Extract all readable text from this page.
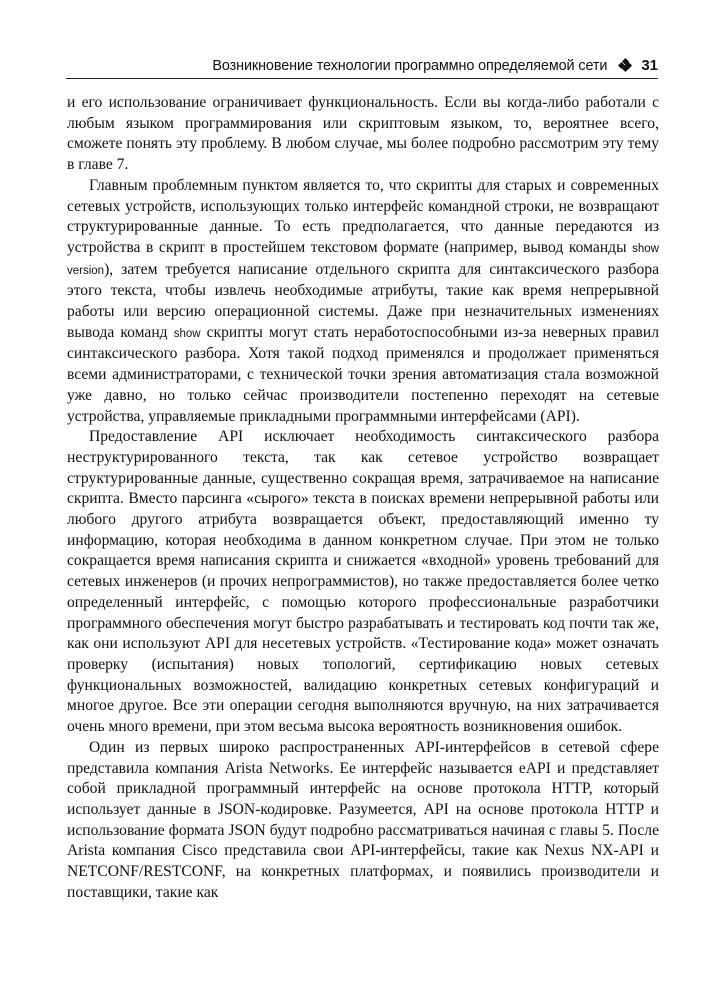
Возникновение технологии программно определяемой сети 31

и его использование ограничивает функциональность. Если вы когда-либо работали с любым языком программирования или скриптовым языком, то, вероятнее всего, сможете понять эту проблему. В любом случае, мы более подробно рассмотрим эту тему в главе 7.

Главным проблемным пунктом является то, что скрипты для старых и современных сетевых устройств, использующих только интерфейс командной строки, не возвращают структурированные данные. То есть предполагается, что данные передаются из устройства в скрипт в простейшем текстовом формате (например, вывод команды show version), затем требуется написание отдельного скрипта для синтаксического разбора этого текста, чтобы извлечь необходимые атрибуты, такие как время непрерывной работы или версию операционной системы. Даже при незначительных изменениях вывода команд show скрипты могут стать неработоспособными из-за неверных правил синтаксического разбора. Хотя такой подход применялся и продолжает применяться всеми администраторами, с технической точки зрения автоматизация стала возможной уже давно, но только сейчас производители постепенно переходят на сетевые устройства, управляемые прикладными программными интерфейсами (API).

Предоставление API исключает необходимость синтаксического разбора неструктурированного текста, так как сетевое устройство возвращает структурированные данные, существенно сокращая время, затрачиваемое на написание скрипта. Вместо парсинга «сырого» текста в поисках времени непрерывной работы или любого другого атрибута возвращается объект, предоставляющий именно ту информацию, которая необходима в данном конкретном случае. При этом не только сокращается время написания скрипта и снижается «входной» уровень требований для сетевых инженеров (и прочих непрограммистов), но также предоставляется более четко определенный интерфейс, с помощью которого профессиональные разработчики программного обеспечения могут быстро разрабатывать и тестировать код почти так же, как они используют API для несетевых устройств. «Тестирование кода» может означать проверку (испытания) новых топологий, сертификацию новых сетевых функциональных возможностей, валидацию конкретных сетевых конфигураций и многое другое. Все эти операции сегодня выполняются вручную, на них затрачивается очень много времени, при этом весьма высока вероятность возникновения ошибок.

Один из первых широко распространенных API-интерфейсов в сетевой сфере представила компания Arista Networks. Ее интерфейс называется eAPI и представляет собой прикладной программный интерфейс на основе протокола HTTP, который использует данные в JSON-кодировке. Разумеется, API на основе протокола HTTP и использование формата JSON будут подробно рассматриваться начиная с главы 5. После Arista компания Cisco представила свои API-интерфейсы, такие как Nexus NX-API и NETCONF/RESTCONF, на конкретных платформах, и появились производители и поставщики, такие как
